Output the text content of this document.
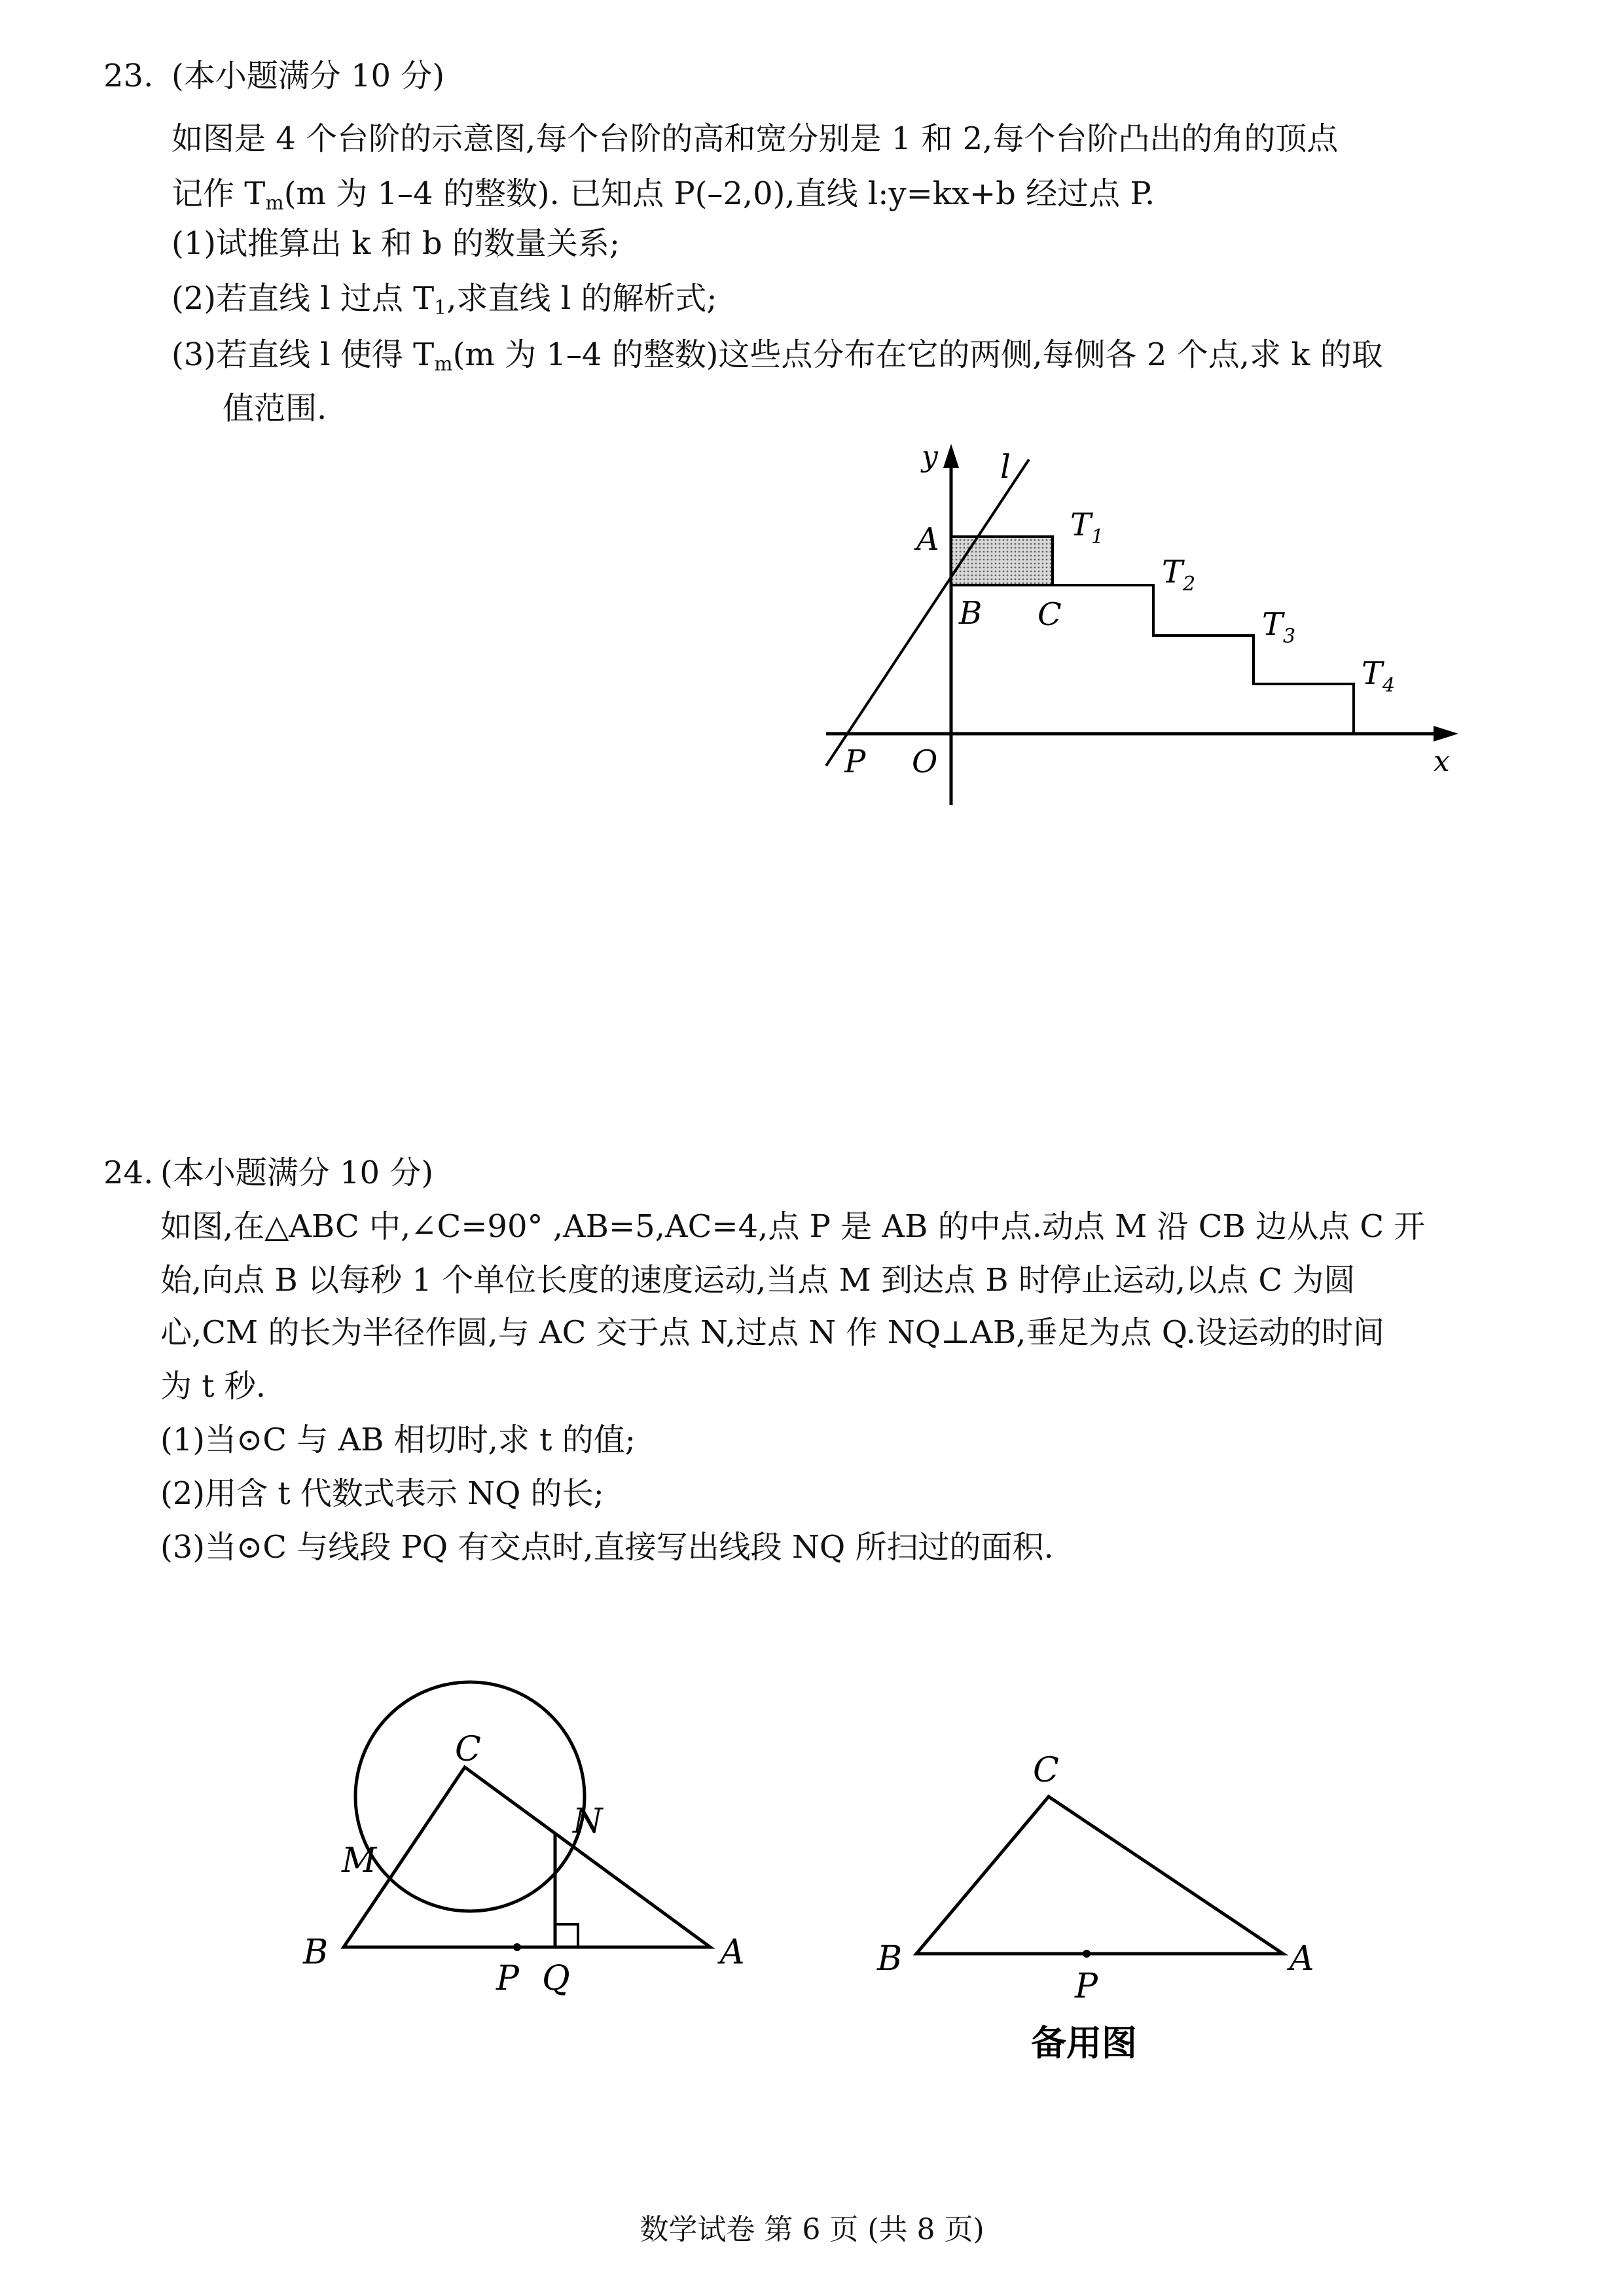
23. (本小题满分 10 分)
如图是 4 个台阶的示意图,每个台阶的高和宽分别是 1 和 2,每个台阶凸出的角的顶点
记作 $T_m(m$ 为 1–4 的整数). 已知点 P(–2,0),直线 l:y=kx+b 经过点 P.
(1)试推算出 k 和 b 的数量关系;
(2)若直线 l 过点 $T_1$,求直线 l 的解析式;
(3)若直线 l 使得 $T_m(m$ 为 1–4 的整数)这些点分布在它的两侧,每侧各 2 个点,求 k 的取
值范围.
y l
A	$T_1$
B C
$T_2$
$T_3$
$T_4$
P O	x
24. (本小题满分 10 分)
如图,在△ABC 中,∠C=90° ,AB=5,AC=4,点 P 是 AB 的中点.动点 M 沿 CB 边从点 C 开
始,向点 B 以每秒 1 个单位长度的速度运动,当点 M 到达点 B 时停止运动,以点 C 为圆
心,CM 的长为半径作圆,与 AC 交于点 N,过点 N 作 NQ⊥AB,垂足为点 Q.设运动的时间
为 t 秒.
(1)当⊙C 与 AB 相切时,求 t 的值;
(2)用含 t 代数式表示 NQ 的长;
(3)当⊙C 与线段 PQ 有交点时,直接写出线段 NQ 所扫过的面积.
C
N
M
B
P Q
A
C
B
P
A
备用图
数学试卷 第 6 页 (共 8 页)
